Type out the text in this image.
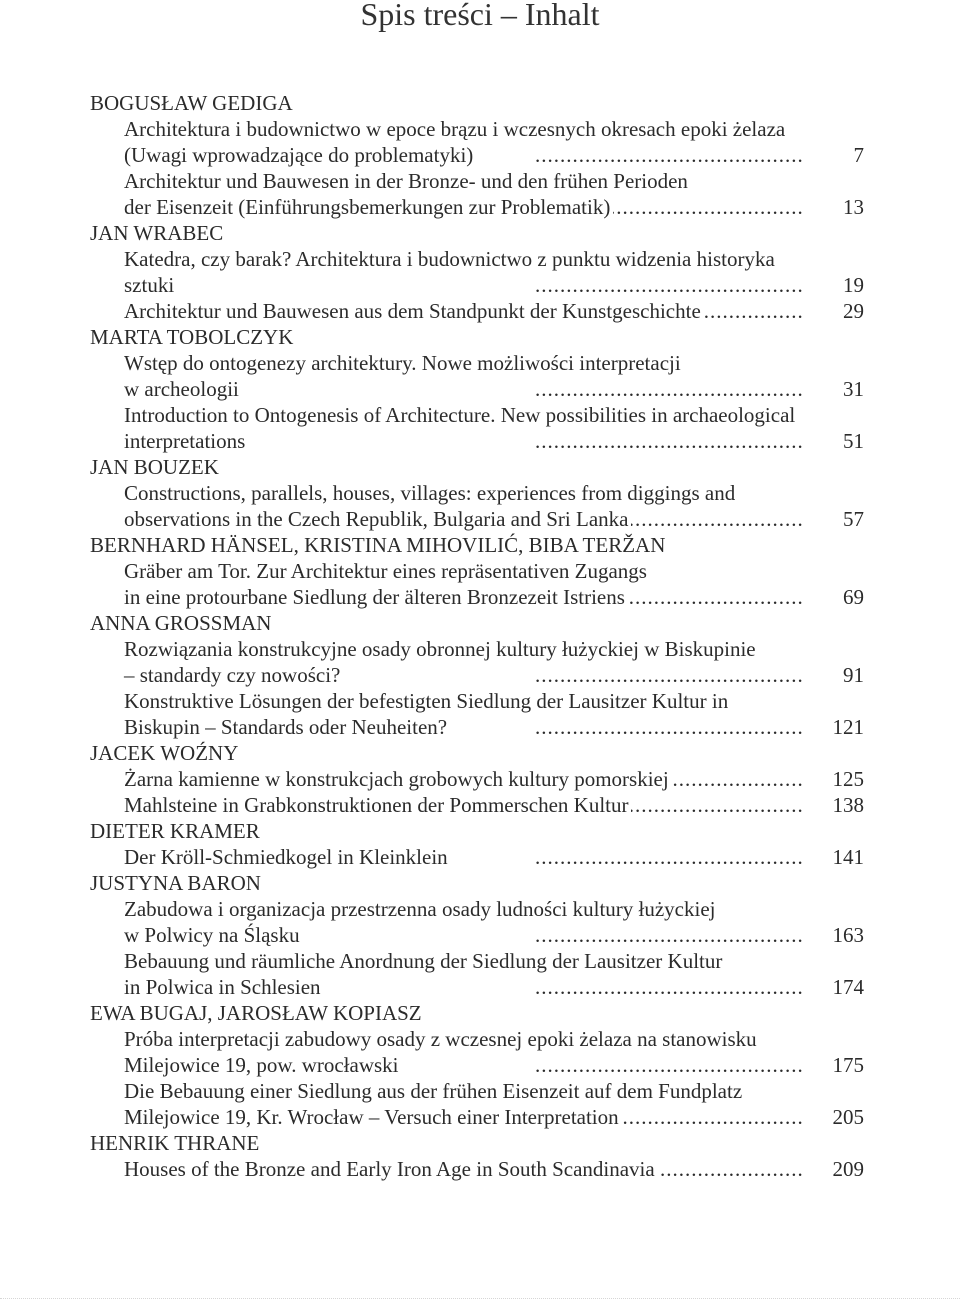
Spis treści – Inhalt
BOGUSŁAW GEDIGA
Architektura i budownictwo w epoce brązu i wczesnych okresach epoki żelaza
.....
(Uwagi wprowadzające do problematyki)	7
Architektur und Bauwesen in der Bronze- und den frühen Perioden
.....
der Eisenzeit (Einführungsbemerkungen zur Problematik)	13
JAN WRABEC
Katedra, czy barak? Architektura i budownictwo z punktu widzenia historyka
.....
sztuki	19
.....
Architektur und Bauwesen aus dem Standpunkt der Kunstgeschichte	29
MARTA TOBOLCZYK
Wstęp do ontogenezy architektury. Nowe możliwości interpretacji
.....
w archeologii	31
Introduction to Ontogenesis of Architecture. New possibilities in archaeological
.....
interpretations	51
JAN BOUZEK
Constructions, parallels, houses, villages: experiences from diggings and
.....
observations in the Czech Republik, Bulgaria and Sri Lanka	57
BERNHARD HÄNSEL, KRISTINA MIHOVILIĆ, BIBA TERŽAN
Gräber am Tor. Zur Architektur eines repräsentativen Zugangs
.....
in eine protourbane Siedlung der älteren Bronzezeit Istriens	69
ANNA GROSSMAN
Rozwiązania konstrukcyjne osady obronnej kultury łużyckiej w Biskupinie
.....
– standardy czy nowości?	91
Konstruktive Lösungen der befestigten Siedlung der Lausitzer Kultur in
.....
Biskupin – Standards oder Neuheiten?	121
JACEK WOŹNY
.....
Żarna kamienne w konstrukcjach grobowych kultury pomorskiej	125
.....
Mahlsteine in Grabkonstruktionen der Pommerschen Kultur	138
DIETER KRAMER
.....
Der Kröll-Schmiedkogel in Kleinklein	141
JUSTYNA BARON
Zabudowa i organizacja przestrzenna osady ludności kultury łużyckiej
.....
w Polwicy na Śląsku	163
Bebauung und räumliche Anordnung der Siedlung der Lausitzer Kultur
.....
in Polwica in Schlesien	174
EWA BUGAJ, JAROSŁAW KOPIASZ
Próba interpretacji zabudowy osady z wczesnej epoki żelaza na stanowisku
.....
Milejowice 19, pow. wrocławski	175
Die Bebauung einer Siedlung aus der frühen Eisenzeit auf dem Fundplatz
.....
Milejowice 19, Kr. Wrocław – Versuch einer Interpretation	205
HENRIK THRANE
.....
Houses of the Bronze and Early Iron Age in South Scandinavia	209
